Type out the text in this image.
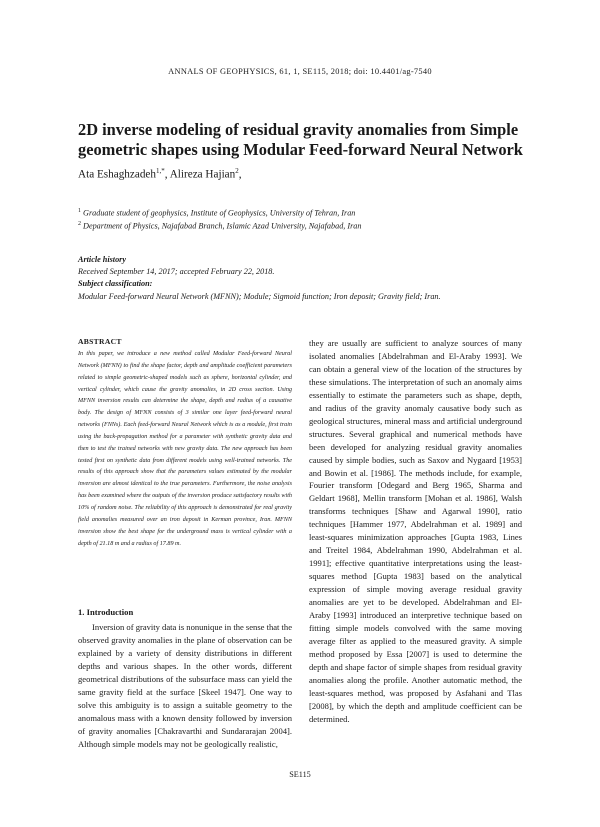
ANNALS OF GEOPHYSICS, 61, 1, SE115, 2018; doi: 10.4401/ag-7540
2D inverse modeling of residual gravity anomalies from Simple geometric shapes using Modular Feed-forward Neural Network
Ata Eshaghzadeh$^{1,*}$, Alireza Hajian$^2$,
$^1$ Graduate student of geophysics, Institute of Geophysics, University of Tehran, Iran
$^2$ Department of Physics, Najafabad Branch, Islamic Azad University, Najafabad, Iran
Article history
Received September 14, 2017; accepted February 22, 2018.
Subject classification:
Modular Feed-forward Neural Network (MFNN); Module; Sigmoid function; Iron deposit; Gravity field; Iran.
ABSTRACT

In this paper, we introduce a new method called Modular Feed-forward Neural Network (MFNN) to find the shape factor, depth and amplitude coefficient parameters related to simple geometric-shaped models such as sphere, horizontal cylinder, and vertical cylinder, which cause the gravity anomalies, in 2D cross section. Using MFNN inversion results can determine the shape, depth and radius of a causative body. The design of MFNN consists of 3 similar one layer feed-forward neural networks (FNNs). Each feed-forward Neural Network which is as a module, first train using the back-propagation method for a parameter with synthetic gravity data and then to test the trained networks with new gravity data. The new approach has been tested first on synthetic data from different models using well-trained networks. The results of this approach show that the parameters values estimated by the modular inversion are almost identical to the true parameters. Furthermore, the noise analysis has been examined where the outputs of the inversion produce satisfactory results with 10% of random noise. The reliability of this approach is demonstrated for real gravity field anomalies measured over an iron deposit in Kerman province, Iran. MFNN inversion show the best shape for the underground mass is vertical cylinder with a depth of 21.18 m and a radius of 17.89 m.

1. Introduction

Inversion of gravity data is nonunique in the sense that the observed gravity anomalies in the plane of observation can be explained by a variety of density distributions in different depths and various shapes. In the other words, different geometrical distributions of the subsurface mass can yield the same gravity field at the surface [Skeel 1947]. One way to solve this ambiguity is to assign a suitable geometry to the anomalous mass with a known density followed by inversion of gravity anomalies [Chakravarthi and Sundararajan 2004]. Although simple models may not be geologically realistic,

they are usually are sufficient to analyze sources of many isolated anomalies [Abdelrahman and El-Araby 1993]. We can obtain a general view of the location of the structures by these simulations. The interpretation of such an anomaly aims essentially to estimate the parameters such as shape, depth, and radius of the gravity anomaly causative body such as geological structures, mineral mass and artificial underground structures. Several graphical and numerical methods have been developed for analyzing residual gravity anomalies caused by simple bodies, such as Saxov and Nygaard [1953] and Bowin et al. [1986]. The methods include, for example, Fourier transform [Odegard and Berg 1965, Sharma and Geldart 1968], Mellin transform [Mohan et al. 1986], Walsh transforms techniques [Shaw and Agarwal 1990], ratio techniques [Hammer 1977, Abdelrahman et al. 1989] and least-squares minimization approaches [Gupta 1983, Lines and Treitel 1984, Abdelrahman 1990, Abdelrahman et al. 1991]; effective quantitative interpretations using the least-squares method [Gupta 1983] based on the analytical expression of simple moving average residual gravity anomalies are yet to be developed. Abdelrahman and El-Araby [1993] introduced an interpretive technique based on fitting simple models convolved with the same moving average filter as applied to the measured gravity. A simple method proposed by Essa [2007] is used to determine the depth and shape factor of simple shapes from residual gravity anomalies along the profile. Another automatic method, the least-squares method, was proposed by Asfahani and Tlas [2008], by which the depth and amplitude coefficient can be determined.

SE115
